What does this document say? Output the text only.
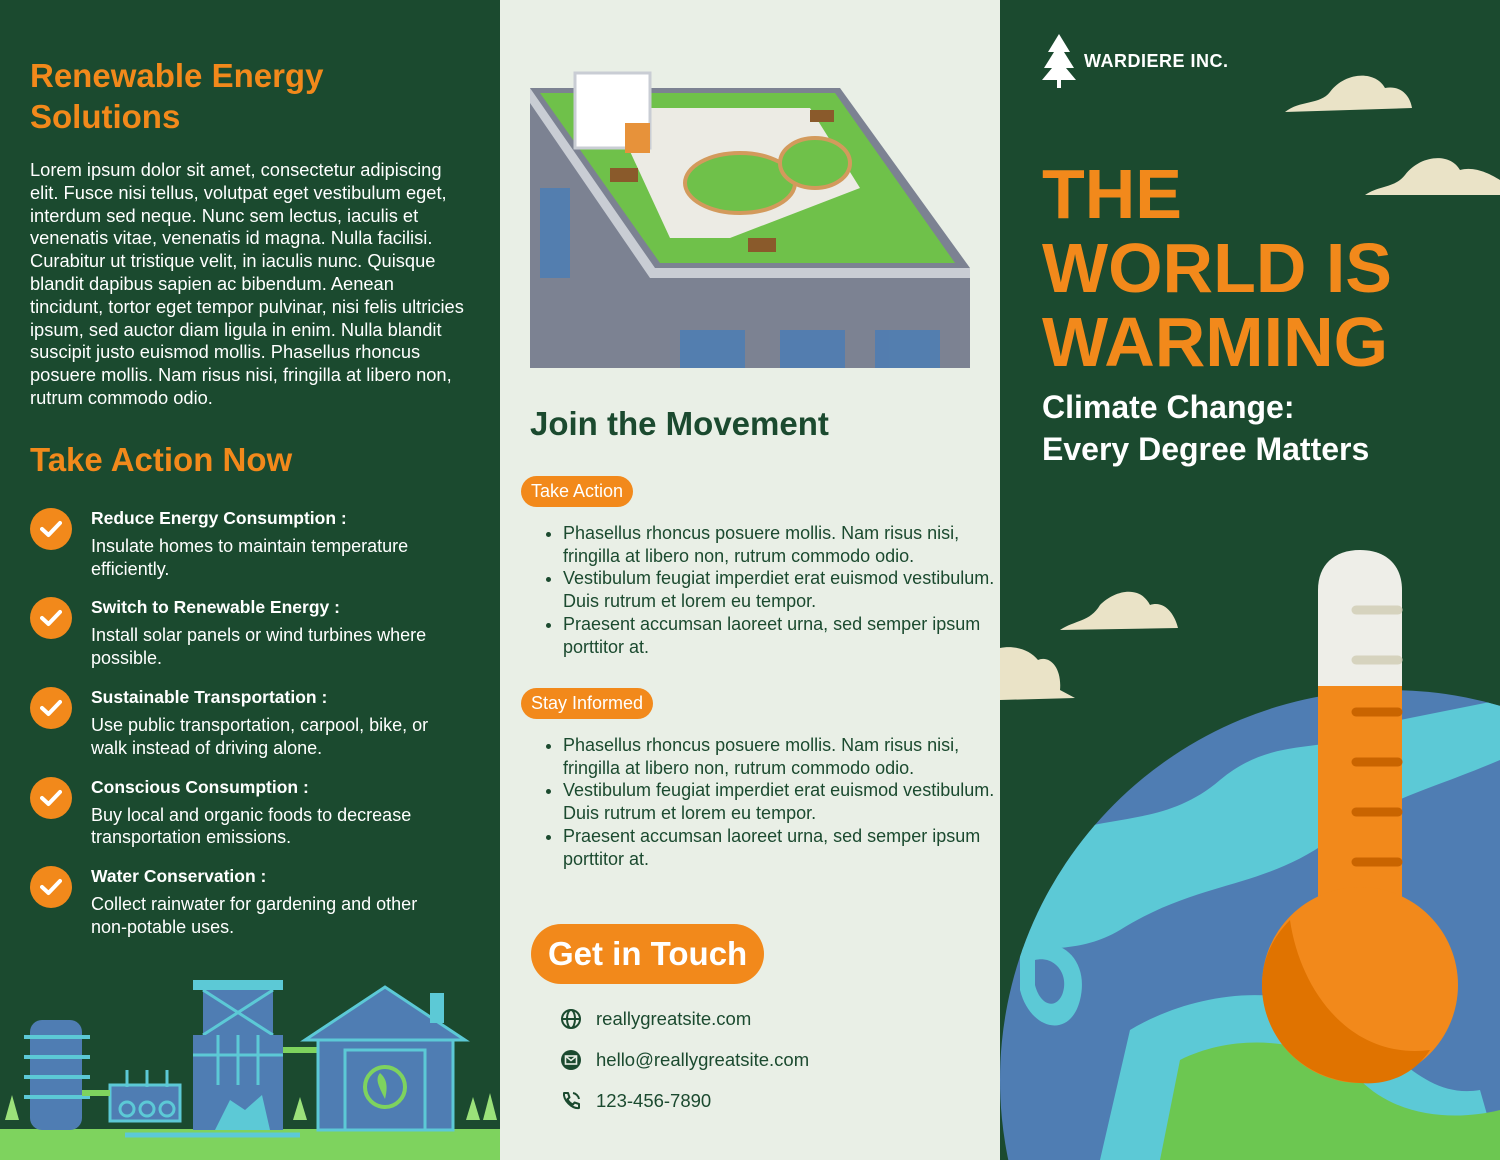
Renewable Energy Solutions

Lorem ipsum dolor sit amet, consectetur adipiscing elit. Fusce nisi tellus, volutpat eget vestibulum eget, interdum sed neque. Nunc sem lectus, iaculis et venenatis vitae, venenatis id magna. Nulla facilisi. Curabitur ut tristique velit, in iaculis nunc. Quisque blandit dapibus sapien ac bibendum. Aenean tincidunt, tortor eget tempor pulvinar, nisi felis ultricies ipsum, sed auctor diam ligula in enim. Nulla blandit suscipit justo euismod mollis. Phasellus rhoncus posuere mollis. Nam risus nisi, fringilla at libero non, rutrum commodo odio.

Take Action Now
Reduce Energy Consumption :
Insulate homes to maintain temperature efficiently.
Switch to Renewable Energy :
Install solar panels or wind turbines where possible.
Sustainable Transportation :
Use public transportation, carpool, bike, or walk instead of driving alone.
Conscious Consumption :
Buy local and organic foods to decrease transportation emissions.
Water Conservation :
Collect rainwater for gardening and other non-potable uses.
Join the Movement
Take Action
• Phasellus rhoncus posuere mollis. Nam risus nisi, fringilla at libero non, rutrum commodo odio.
• Vestibulum feugiat imperdiet erat euismod vestibulum. Duis rutrum et lorem eu tempor.
• Praesent accumsan laoreet urna, sed semper ipsum porttitor at.
Stay Informed
• Phasellus rhoncus posuere mollis. Nam risus nisi, fringilla at libero non, rutrum commodo odio.
• Vestibulum feugiat imperdiet erat euismod vestibulum. Duis rutrum et lorem eu tempor.
• Praesent accumsan laoreet urna, sed semper ipsum porttitor at.
Get in Touch
reallygreatsite.com
hello@reallygreatsite.com
123-456-7890
WARDIERE INC.
THE
WORLD IS
WARMING
Climate Change:
Every Degree Matters
